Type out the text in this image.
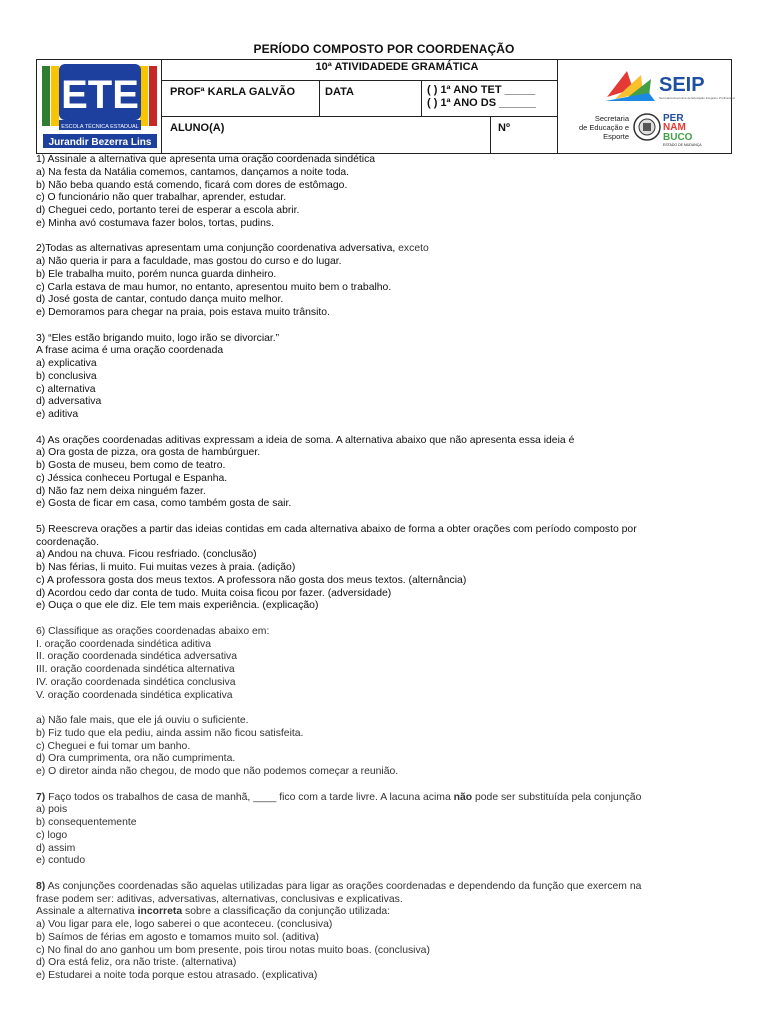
PERÍODO COMPOSTO POR COORDENAÇÃO
ETE
ESCOLA TÉCNICA ESTADUAL
Jurandir Bezerra Lins
10ª ATIVIDADEDE GRAMÁTICA
PROFª KARLA GALVÃO	DATA	( ) 1ª ANO TET _____
( ) 1ª ANO DS ______
ALUNO(A)	Nº
SEIP
Secretaria Executiva de Educação Integral e Profissional
Secretaria
de Educação e
Esporte
PER
NAM
BUCO
ESTADO DE MUDANÇA
1) Assinale a alternativa que apresenta uma oração coordenada sindética
a) Na festa da Natália comemos, cantamos, dançamos a noite toda.
b) Não beba quando está comendo, ficará com dores de estômago.
c) O funcionário não quer trabalhar, aprender, estudar.
d) Cheguei cedo, portanto terei de esperar a escola abrir.
e) Minha avó costumava fazer bolos, tortas, pudins.
2)Todas as alternativas apresentam uma conjunção coordenativa adversativa, exceto
a) Não queria ir para a faculdade, mas gostou do curso e do lugar.
b) Ele trabalha muito, porém nunca guarda dinheiro.
c) Carla estava de mau humor, no entanto, apresentou muito bem o trabalho.
d) José gosta de cantar, contudo dança muito melhor.
e) Demoramos para chegar na praia, pois estava muito trânsito.
3) “Eles estão brigando muito, logo irão se divorciar.”
A frase acima é uma oração coordenada
a) explicativa
b) conclusiva
c) alternativa
d) adversativa
e) aditiva
4) As orações coordenadas aditivas expressam a ideia de soma. A alternativa abaixo que não apresenta essa ideia é
a) Ora gosta de pizza, ora gosta de hambúrguer.
b) Gosta de museu, bem como de teatro.
c) Jéssica conheceu Portugal e Espanha.
d) Não faz nem deixa ninguém fazer.
e) Gosta de ficar em casa, como também gosta de sair.
5) Reescreva orações a partir das ideias contidas em cada alternativa abaixo de forma a obter orações com período composto por
coordenação.
a) Andou na chuva. Ficou resfriado. (conclusão)
b) Nas férias, li muito. Fui muitas vezes à praia. (adição)
c) A professora gosta dos meus textos. A professora não gosta dos meus textos. (alternância)
d) Acordou cedo dar conta de tudo. Muita coisa ficou por fazer. (adversidade)
e) Ouça o que ele diz. Ele tem mais experiência. (explicação)
6) Classifique as orações coordenadas abaixo em:
I. oração coordenada sindética aditiva
II. oração coordenada sindética adversativa
III. oração coordenada sindética alternativa
IV. oração coordenada sindética conclusiva
V. oração coordenada sindética explicativa
a) Não fale mais, que ele já ouviu o suficiente.
b) Fiz tudo que ela pediu, ainda assim não ficou satisfeita.
c) Cheguei e fui tomar um banho.
d) Ora cumprimenta, ora não cumprimenta.
e) O diretor ainda não chegou, de modo que não podemos começar a reunião.
7) Faço todos os trabalhos de casa de manhã, ____ fico com a tarde livre. A lacuna acima não pode ser substituída pela conjunção
a) pois
b) consequentemente
c) logo
d) assim
e) contudo
8) As conjunções coordenadas são aquelas utilizadas para ligar as orações coordenadas e dependendo da função que exercem na
frase podem ser: aditivas, adversativas, alternativas, conclusivas e explicativas.
Assinale a alternativa incorreta sobre a classificação da conjunção utilizada:
a) Vou ligar para ele, logo saberei o que aconteceu. (conclusiva)
b) Saímos de férias em agosto e tomamos muito sol. (aditiva)
c) No final do ano ganhou um bom presente, pois tirou notas muito boas. (conclusiva)
d) Ora está feliz, ora não triste. (alternativa)
e) Estudarei a noite toda porque estou atrasado. (explicativa)
